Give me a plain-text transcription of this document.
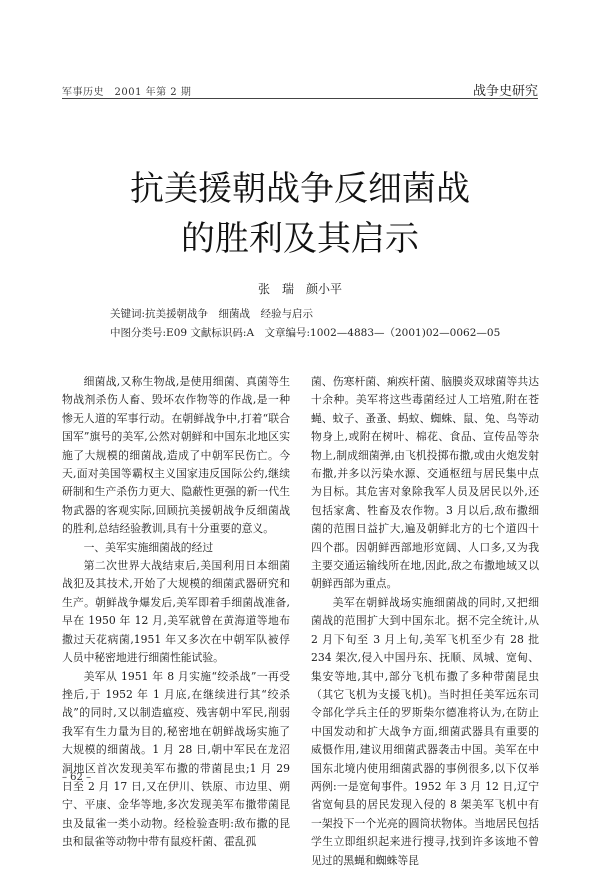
军事历史　2001 年第 2 期	战争史研究
抗美援朝战争反细菌战
的胜利及其启示
张　瑞　颜小平
关键词:抗美援朝战争　细菌战　经验与启示
中图分类号:E09 文献标识码:A　文章编号:1002—4883—（2001)02—0062—05

细菌战,又称生物战,是使用细菌、真菌等生物战剂杀伤人畜、毁坏农作物等的作战,是一种惨无人道的军事行动。在朝鲜战争中,打着“联合国军”旗号的美军,公然对朝鲜和中国东北地区实施了大规模的细菌战,造成了中朝军民伤亡。今天,面对美国等霸权主义国家违反国际公约,继续研制和生产杀伤力更大、隐蔽性更强的新一代生物武器的客观实际,回顾抗美援朝战争反细菌战的胜利,总结经验教训,具有十分重要的意义。

一、美军实施细菌战的经过

第二次世界大战结束后,美国利用日本细菌战犯及其技术,开始了大规模的细菌武器研究和生产。朝鲜战争爆发后,美军即着手细菌战准备,早在 1950 年 12 月,美军就曾在黄海道等地布撒过天花病菌,1951 年又多次在中朝军队被俘人员中秘密地进行细菌性能试验。

美军从 1951 年 8 月实施“绞杀战”一再受挫后,于 1952 年 1 月底,在继续进行其“绞杀战”的同时,又以制造瘟疫、残害朝中军民,削弱我军有生力量为目的,秘密地在朝鲜战场实施了大规模的细菌战。1 月 28 日,朝中军民在龙沼洞地区首次发现美军布撒的带菌昆虫;1 月 29 日至 2 月 17 日,又在伊川、铁原、市边里、朔宁、平康、金华等地,多次发现美军布撒带菌昆虫及鼠雀一类小动物。经检验查明:敌布撒的昆虫和鼠雀等动物中带有鼠疫杆菌、霍乱孤

菌、伤寒杆菌、痢疾杆菌、脑膜炎双球菌等共达十余种。美军将这些毒菌经过人工培殖,附在苍蝇、蚊子、蚤蚤、蚂蚁、蜘蛛、鼠、兔、鸟等动物身上,或附在树叶、棉花、食品、宣传品等杂物上,制成细菌弹,由飞机投掷布撒,或由火炮发射布撒,并多以污染水源、交通枢纽与居民集中点为目标。其危害对象除我军人员及居民以外,还包括家禽、牲畜及农作物。3 月以后,敌布撒细菌的范围日益扩大,遍及朝鲜北方的七个道四十四个郡。因朝鲜西部地形宽阔、人口多,又为我主要交通运输线所在地,因此,敌之布撒地域又以朝鲜西部为重点。

美军在朝鲜战场实施细菌战的同时,又把细菌战的范围扩大到中国东北。据不完全统计,从 2 月下旬至 3 月上旬,美军飞机至少有 28 批 234 架次,侵入中国丹东、抚顺、凤城、宽甸、集安等地,其中,部分飞机布撒了多种带菌昆虫（其它飞机为支援飞机)。当时担任美军远东司令部化学兵主任的罗斯柴尔德准将认为,在防止中国发动和扩大战争方面,细菌武器具有重要的威慑作用,建议用细菌武器袭击中国。美军在中国东北境内使用细菌武器的事例很多,以下仅举两例:一是宽甸事件。1952 年 3 月 12 日,辽宁省宽甸县的居民发现入侵的 8 架美军飞机中有一架投下一个光亮的圆筒状物体。当地居民包括学生立即组织起来进行搜寻,找到许多该地不曾见过的黑蝇和蜘蛛等昆

– 62 –
